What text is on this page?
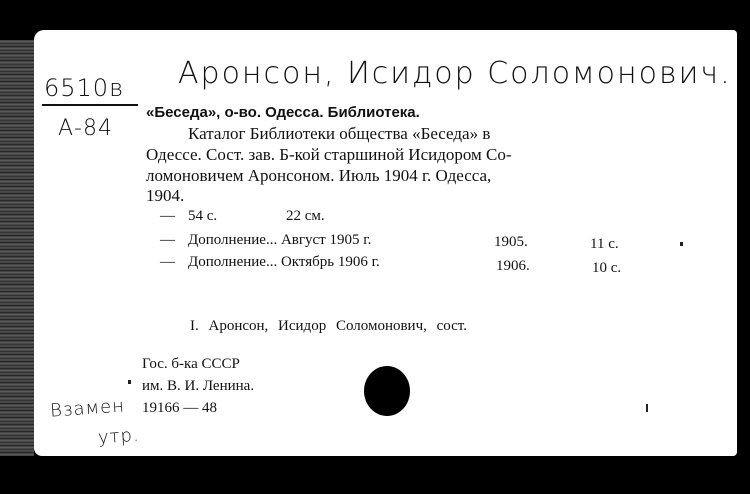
6510в
А-84
Аронсон, Исидор Соломонович.
«Беседа», о-во. Одесса. Библиотека.
Каталог Библиотеки общества «Беседа» в
Одессе. Сост. зав. Б-кой старшиной Исидором Со-
ломоновичем Аронсоном. Июль 1904 г. Одесса,
1904.
— 54 с.	22 см.
— Дополнение... Август 1905 г.	1905.	11 с.
— Дополнение... Октябрь 1906 г.	1906.	10 с.
I. Аронсон, Исидор Соломонович, сост.
Гос. б-ка СССР
им. В. И. Ленина.
19166 — 48
Взамен
утр.
